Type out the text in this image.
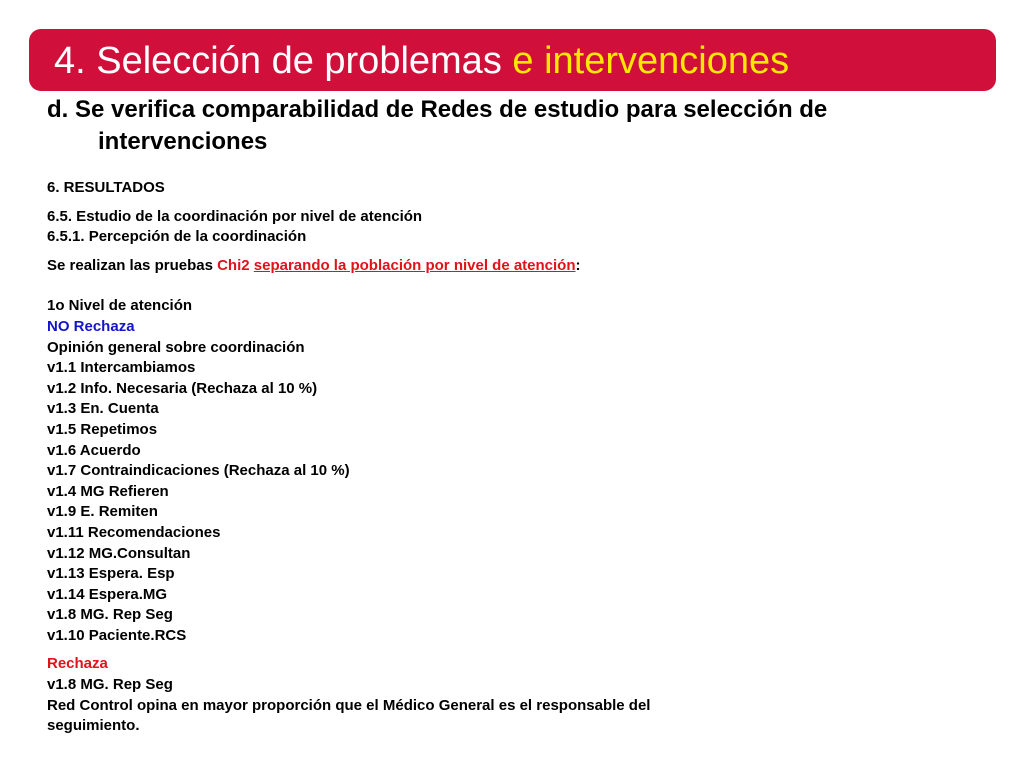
4. Selección de problemas e intervenciones
d. Se verifica comparabilidad de Redes de estudio para selección de
intervenciones
6. RESULTADOS
6.5. Estudio de la coordinación por nivel de atención
6.5.1. Percepción de la coordinación
Se realizan las pruebas Chi2 separando la población por nivel de atención:
1o Nivel de atención
NO Rechaza
Opinión general sobre coordinación
v1.1 Intercambiamos
v1.2 Info. Necesaria (Rechaza al 10 %)
v1.3 En. Cuenta
v1.5 Repetimos
v1.6 Acuerdo
v1.7 Contraindicaciones (Rechaza al 10 %)
v1.4 MG Refieren
v1.9 E. Remiten
v1.11 Recomendaciones
v1.12 MG.Consultan
v1.13 Espera. Esp
v1.14 Espera.MG
v1.8 MG. Rep Seg
v1.10 Paciente.RCS
Rechaza
v1.8 MG. Rep Seg
Red Control opina en mayor proporción que el Médico General es el responsable del
seguimiento.
